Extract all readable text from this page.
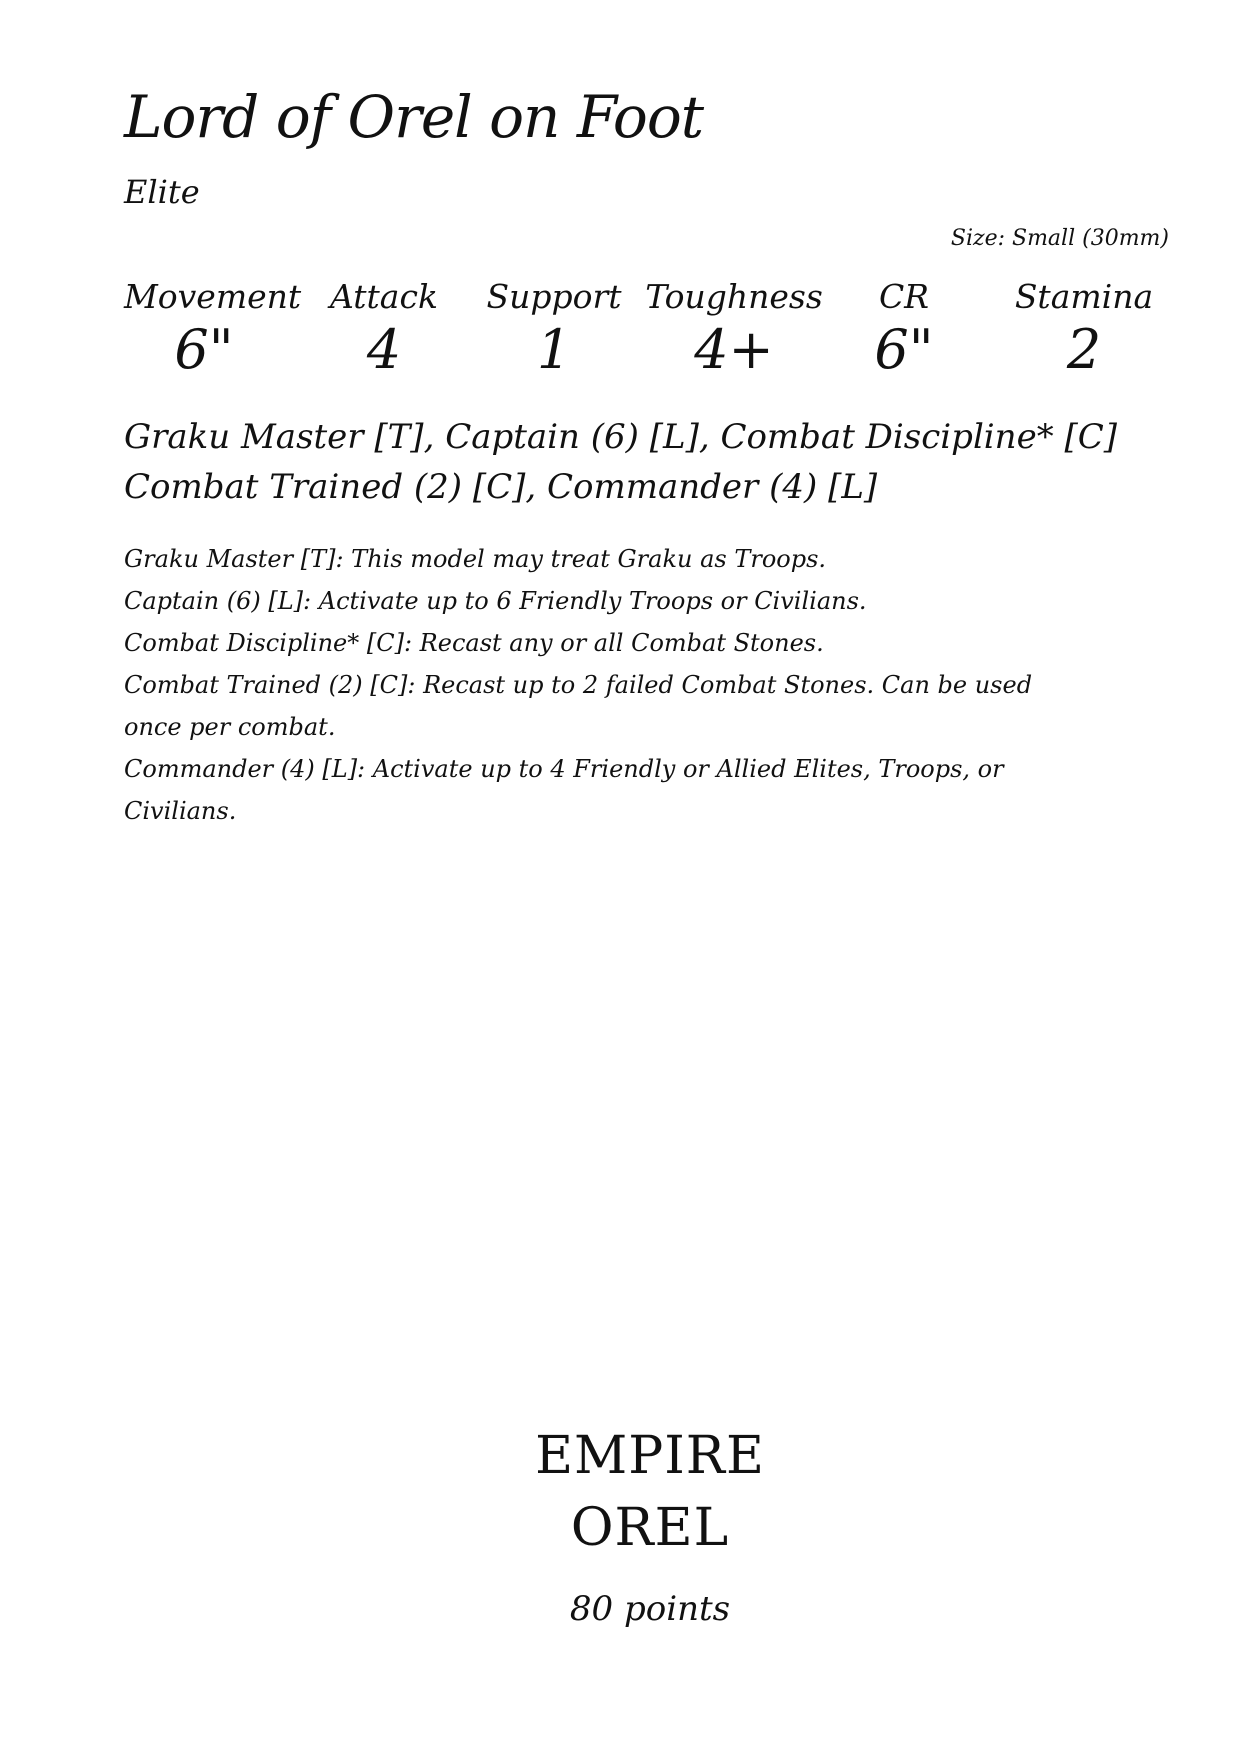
Lord of Orel on Foot
Elite
Size: Small (30mm)
Movement
6"
Attack
4
Support
1
Toughness
4+
CR
6"
Stamina
2
Graku Master [T], Captain (6) [L], Combat Discipline* [C]
Combat Trained (2) [C], Commander (4) [L]

Graku Master [T]: This model may treat Graku as Troops.

Captain (6) [L]: Activate up to 6 Friendly Troops or Civilians.

Combat Discipline* [C]: Recast any or all Combat Stones.

Combat Trained (2) [C]: Recast up to 2 failed Combat Stones. Can be used once per combat.

Commander (4) [L]: Activate up to 4 Friendly or Allied Elites, Troops, or Civilians.

EMPIRE
OREL
80 points
